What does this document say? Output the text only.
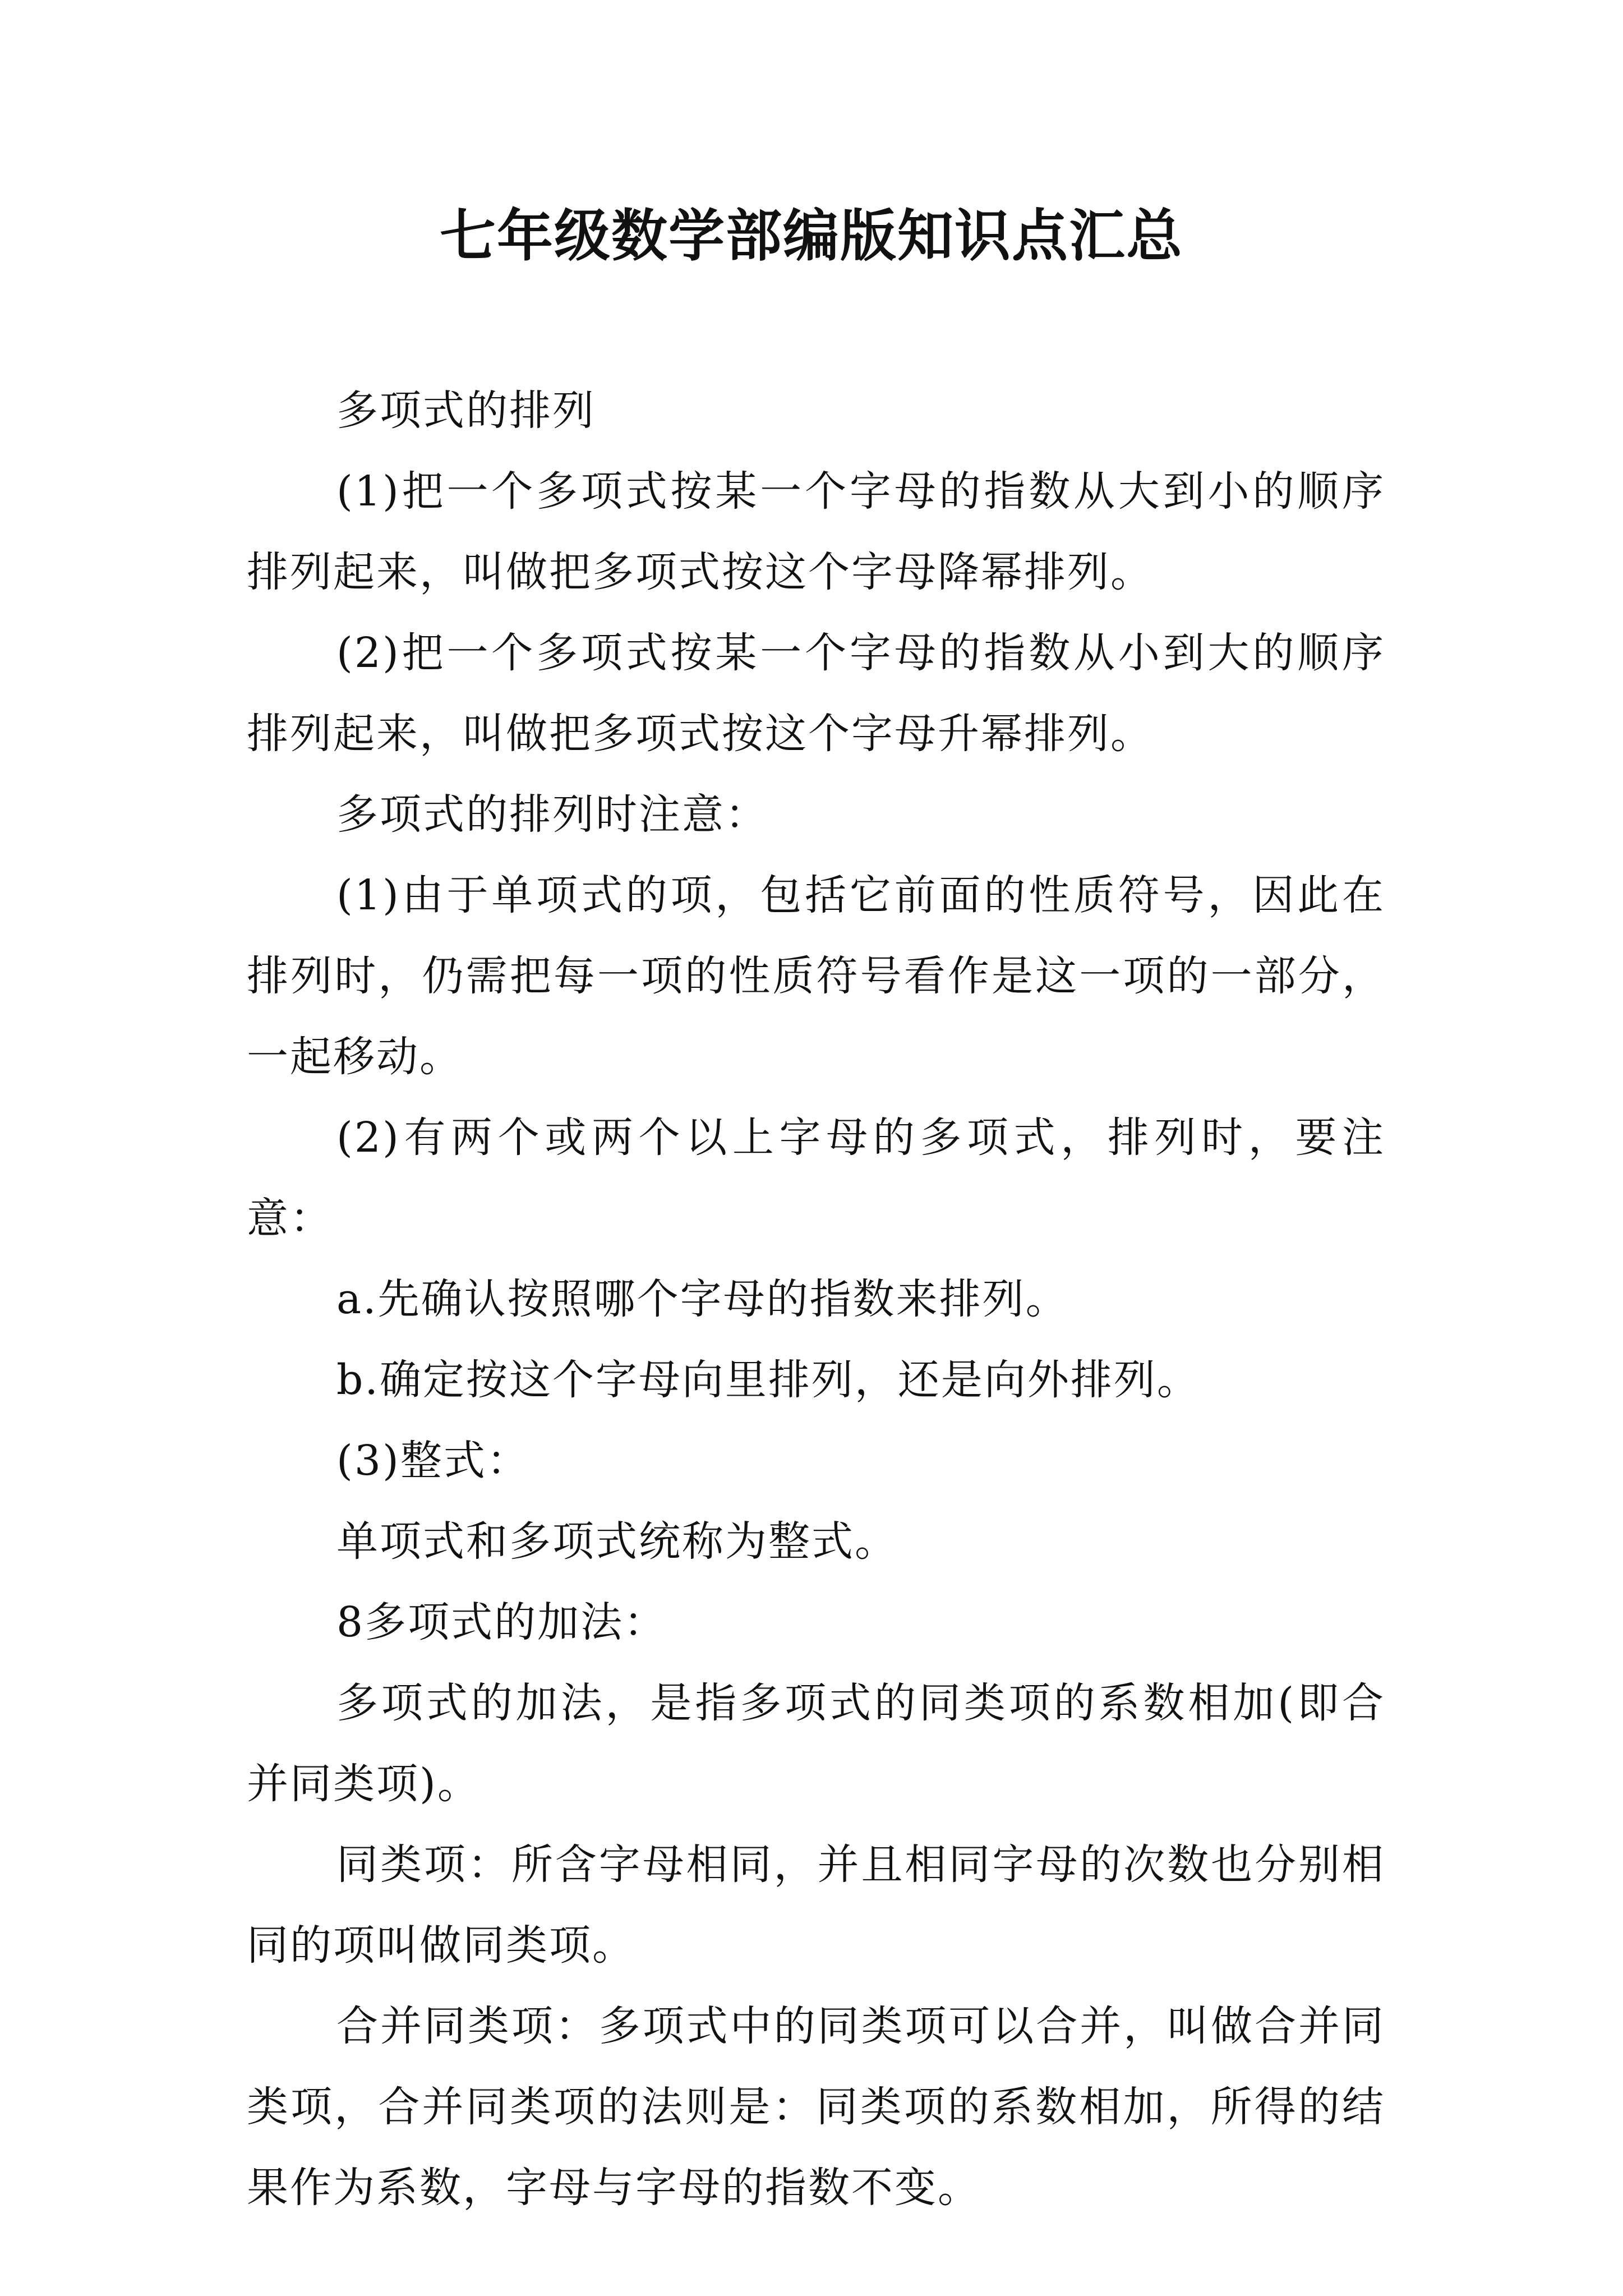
七年级数学部编版知识点汇总

多项式的排列

(1)把一个多项式按某一个字母的指数从大到小的顺序排列起来，叫做把多项式按这个字母降幂排列。

(2)把一个多项式按某一个字母的指数从小到大的顺序排列起来，叫做把多项式按这个字母升幂排列。

多项式的排列时注意：

(1)由于单项式的项，包括它前面的性质符号，因此在排列时，仍需把每一项的性质符号看作是这一项的一部分，一起移动。

(2)有两个或两个以上字母的多项式，排列时，要注意：

a.先确认按照哪个字母的指数来排列。

b.确定按这个字母向里排列，还是向外排列。

(3)整式：

单项式和多项式统称为整式。

8多项式的加法：

多项式的加法，是指多项式的同类项的系数相加(即合并同类项)。

同类项：所含字母相同，并且相同字母的次数也分别相同的项叫做同类项。

合并同类项：多项式中的同类项可以合并，叫做合并同类项，合并同类项的法则是：同类项的系数相加，所得的结果作为系数，字母与字母的指数不变。
